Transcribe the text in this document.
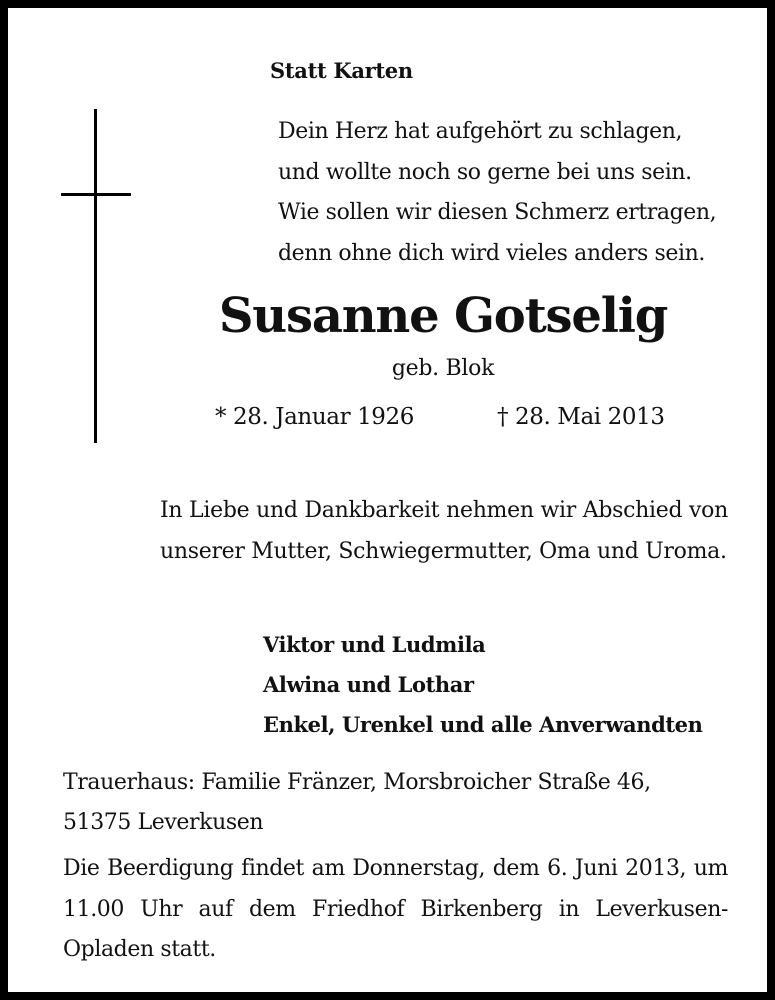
Statt Karten
Dein Herz hat aufgehört zu schlagen,
und wollte noch so gerne bei uns sein.
Wie sollen wir diesen Schmerz ertragen,
denn ohne dich wird vieles anders sein.
Susanne Gotselig
geb. Blok
* 28. Januar 1926	† 28. Mai 2013
In Liebe und Dankbarkeit nehmen wir Abschied von unserer Mutter, Schwiegermutter, Oma und Uroma.
Viktor und Ludmila
Alwina und Lothar
Enkel, Urenkel und alle Anverwandten
Trauerhaus: Familie Fränzer, Morsbroicher Straße 46,
51375 Leverkusen
Die Beerdigung findet am Donnerstag, dem 6. Juni 2013, um 11.00 Uhr auf dem Friedhof Birkenberg in Leverkusen-Opladen statt.
